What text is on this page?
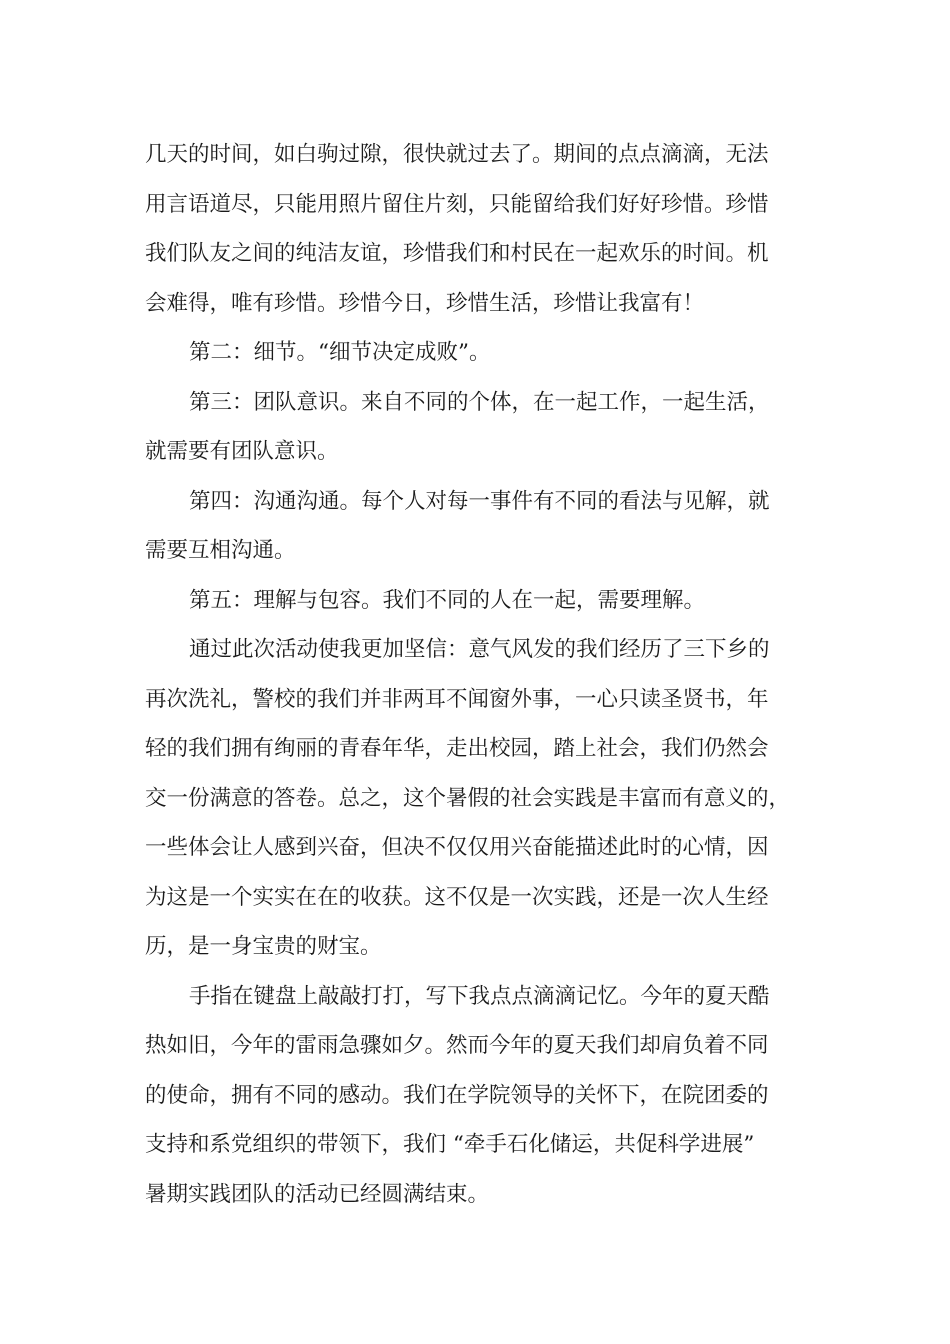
几天的时间，如白驹过隙，很快就过去了。期间的点点滴滴，无法
用言语道尽，只能用照片留住片刻，只能留给我们好好珍惜。珍惜
我们队友之间的纯洁友谊，珍惜我们和村民在一起欢乐的时间。机
会难得，唯有珍惜。珍惜今日，珍惜生活，珍惜让我富有！
第二：细节。“细节决定成败”。
第三：团队意识。来自不同的个体，在一起工作，一起生活，
就需要有团队意识。
第四：沟通沟通。每个人对每一事件有不同的看法与见解，就
需要互相沟通。
第五：理解与包容。我们不同的人在一起，需要理解。
通过此次活动使我更加坚信：意气风发的我们经历了三下乡的
再次洗礼，警校的我们并非两耳不闻窗外事，一心只读圣贤书，年
轻的我们拥有绚丽的青春年华，走出校园，踏上社会，我们仍然会
交一份满意的答卷。总之，这个暑假的社会实践是丰富而有意义的，
一些体会让人感到兴奋，但决不仅仅用兴奋能描述此时的心情，因
为这是一个实实在在的收获。这不仅是一次实践，还是一次人生经
历，是一身宝贵的财宝。
手指在键盘上敲敲打打，写下我点点滴滴记忆。今年的夏天酷
热如旧，今年的雷雨急骤如夕。然而今年的夏天我们却肩负着不同
的使命，拥有不同的感动。我们在学院领导的关怀下，在院团委的
支持和系党组织的带领下，我们 “牵手石化储运，共促科学进展”
暑期实践团队的活动已经圆满结束。
